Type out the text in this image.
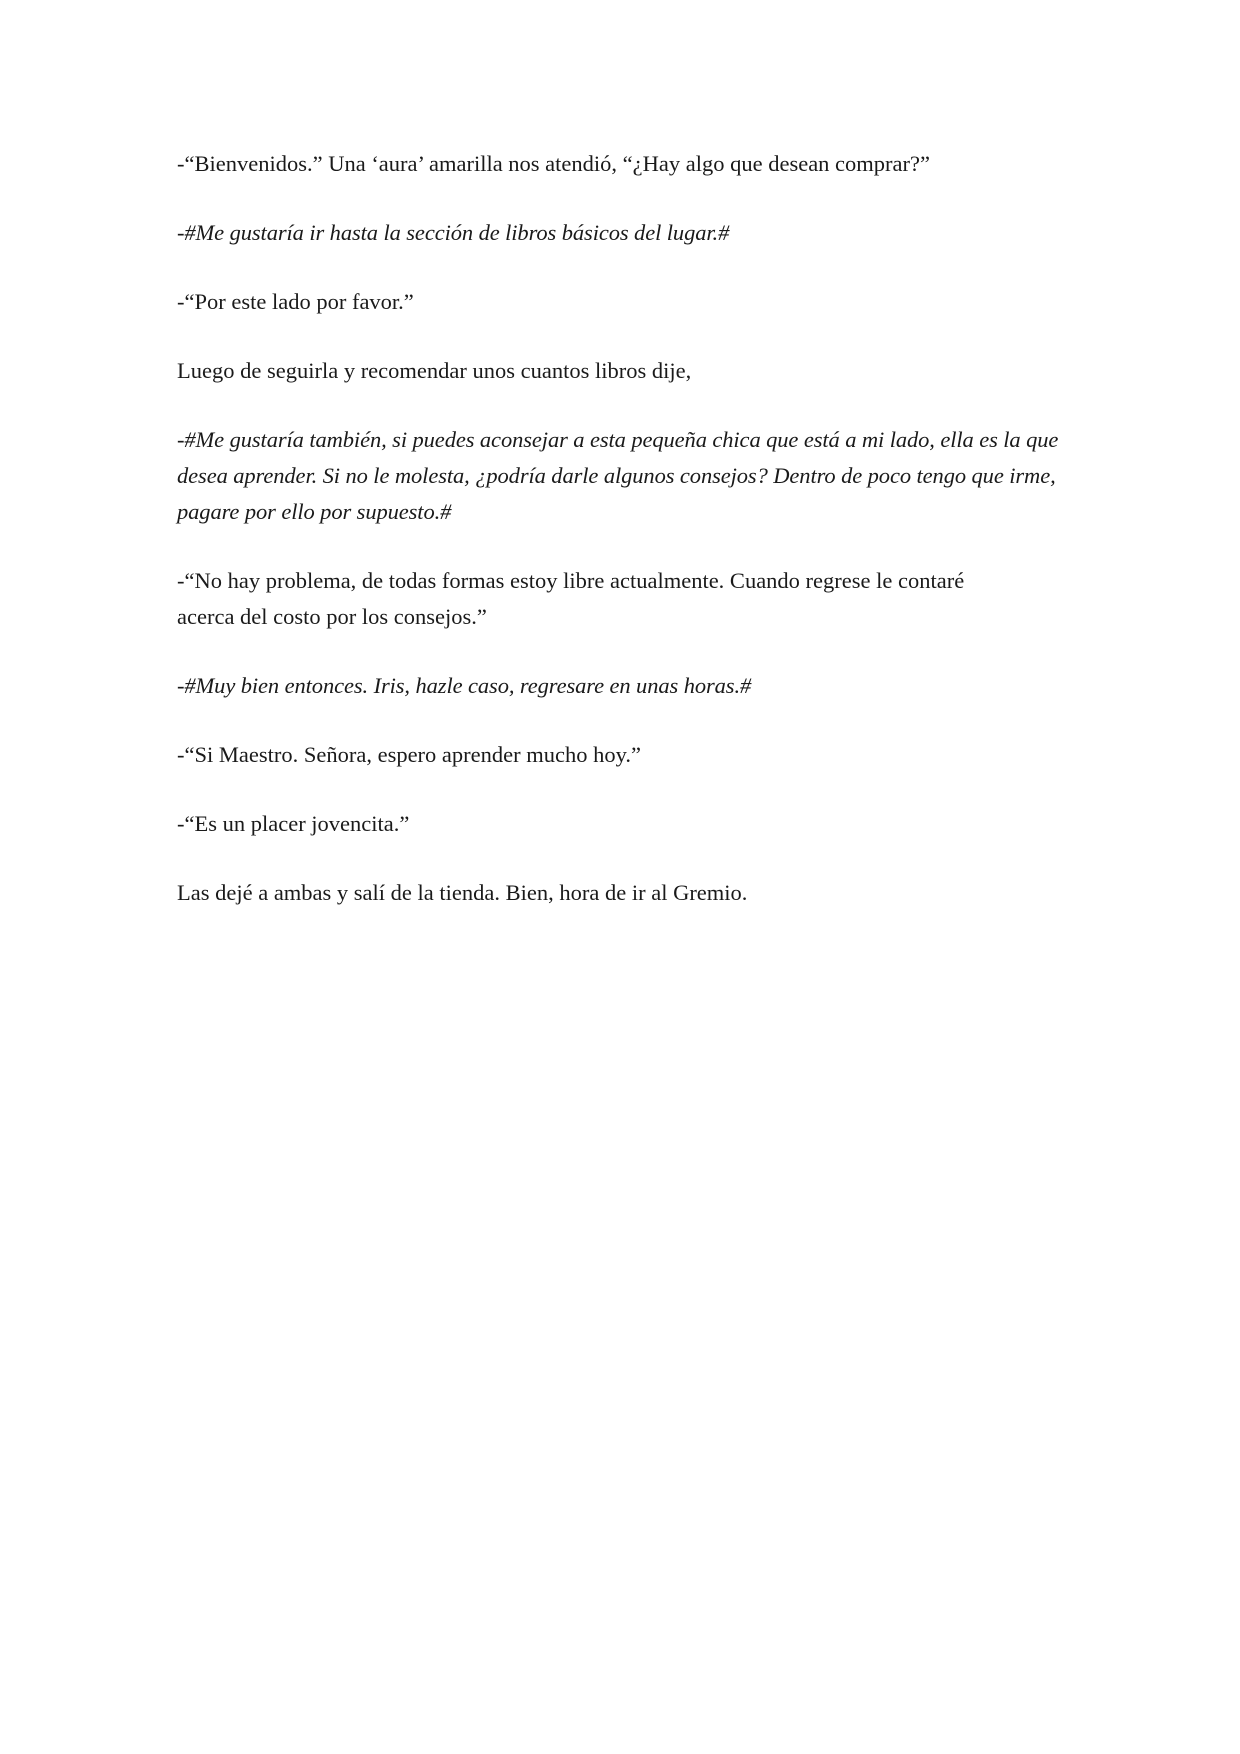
-“Bienvenidos.” Una ‘aura’ amarilla nos atendió, “¿Hay algo que desean comprar?”

-#Me gustaría ir hasta la sección de libros básicos del lugar.#

-“Por este lado por favor.”

Luego de seguirla y recomendar unos cuantos libros dije,

-#Me gustaría también, si puedes aconsejar a esta pequeña chica que está a mi lado, ella es la que desea aprender. Si no le molesta, ¿podría darle algunos consejos? Dentro de poco tengo que irme, pagare por ello por supuesto.#

-“No hay problema, de todas formas estoy libre actualmente. Cuando regrese le contaré acerca del costo por los consejos.”

-#Muy bien entonces. Iris, hazle caso, regresare en unas horas.#

-“Si Maestro. Señora, espero aprender mucho hoy.”

-“Es un placer jovencita.”

Las dejé a ambas y salí de la tienda. Bien, hora de ir al Gremio.
